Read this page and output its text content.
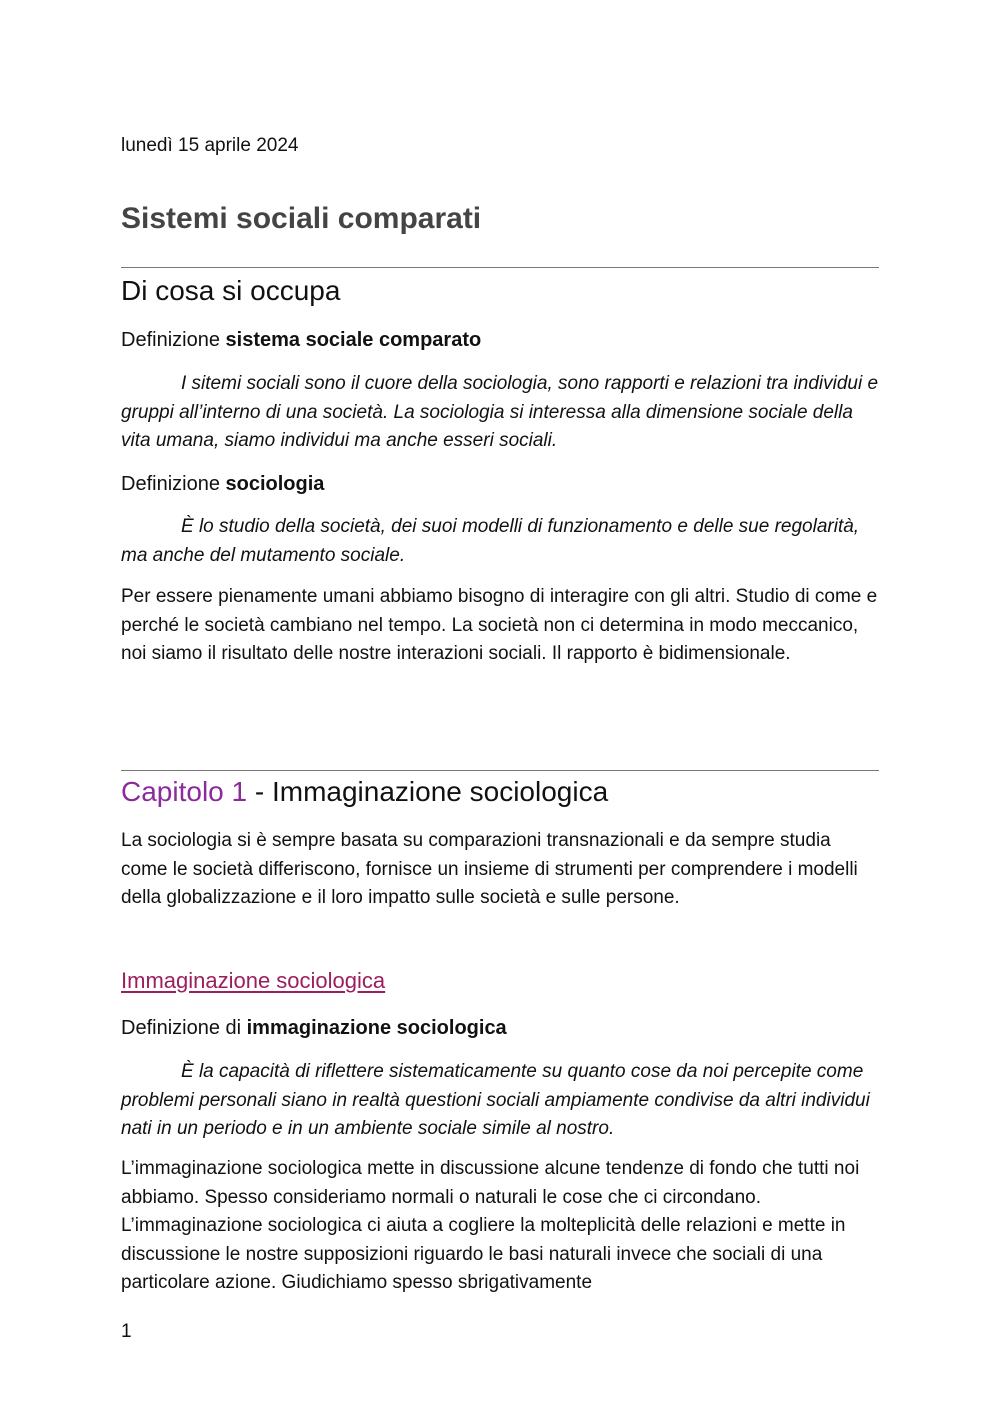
lunedì 15 aprile 2024
Sistemi sociali comparati
Di cosa si occupa

Definizione sistema sociale comparato

I sitemi sociali sono il cuore della sociologia, sono rapporti e relazioni tra individui e gruppi all’interno di una società. La sociologia si interessa alla dimensione sociale della vita umana, siamo individui ma anche esseri sociali.

Definizione sociologia

È lo studio della società, dei suoi modelli di funzionamento e delle sue regolarità, ma anche del mutamento sociale.

Per essere pienamente umani abbiamo bisogno di interagire con gli altri. Studio di come e perché le società cambiano nel tempo. La società non ci determina in modo meccanico, noi siamo il risultato delle nostre interazioni sociali. Il rapporto è bidimensionale.

Capitolo 1 - Immaginazione sociologica

La sociologia si è sempre basata su comparazioni transnazionali e da sempre studia come le società differiscono, fornisce un insieme di strumenti per comprendere i modelli della globalizzazione e il loro impatto sulle società e sulle persone.

Immaginazione sociologica

Definizione di immaginazione sociologica

È la capacità di riflettere sistematicamente su quanto cose da noi percepite come problemi personali siano in realtà questioni sociali ampiamente condivise da altri individui nati in un periodo e in un ambiente sociale simile al nostro.

L’immaginazione sociologica mette in discussione alcune tendenze di fondo che tutti noi abbiamo. Spesso consideriamo normali o naturali le cose che ci circondano. L’immaginazione sociologica ci aiuta a cogliere la molteplicità delle relazioni e mette in discussione le nostre supposizioni riguardo le basi naturali invece che sociali di una particolare azione. Giudichiamo spesso sbrigativamente

1
